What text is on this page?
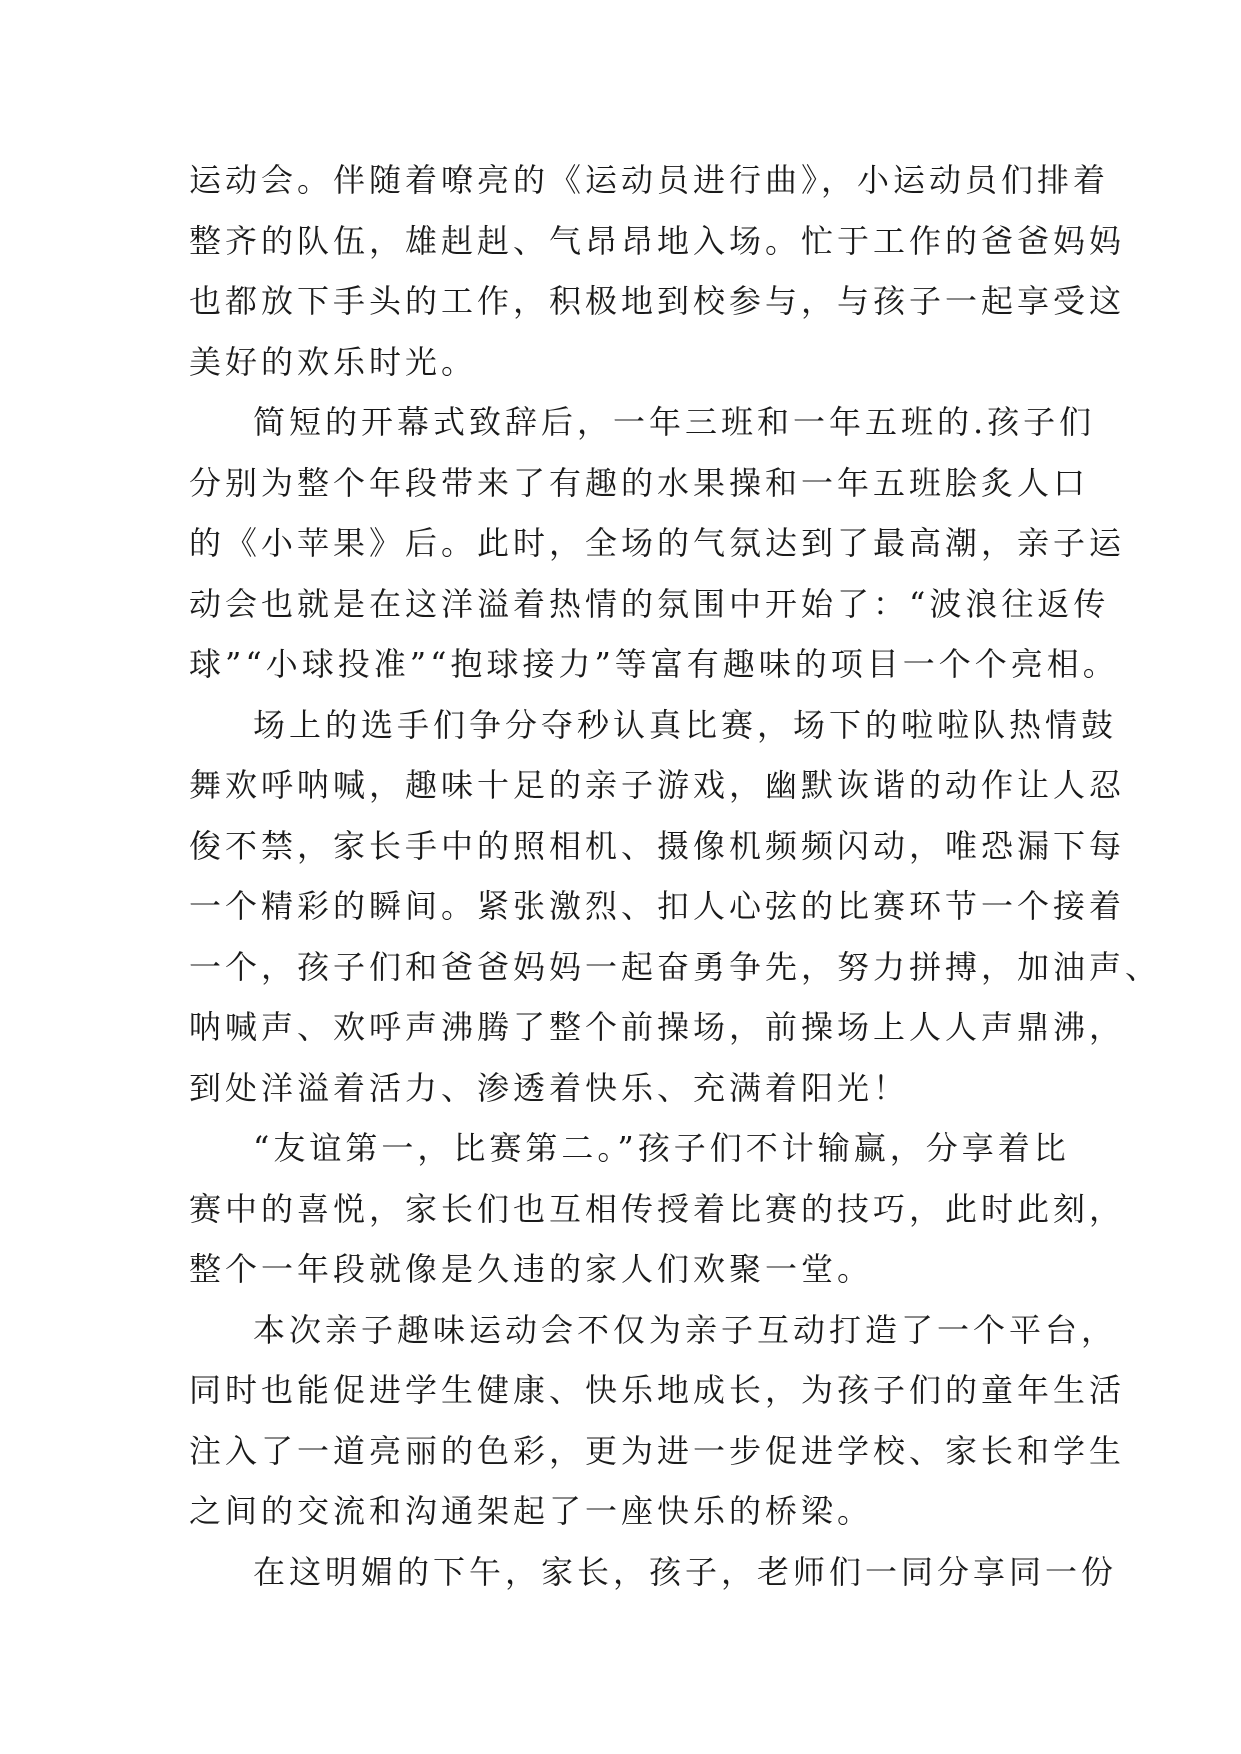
运动会。伴随着嘹亮的《运动员进行曲》，小运动员们排着
整齐的队伍，雄赳赳、气昂昂地入场。忙于工作的爸爸妈妈
也都放下手头的工作，积极地到校参与，与孩子一起享受这
美好的欢乐时光。
简短的开幕式致辞后，一年三班和一年五班的.孩子们
分别为整个年段带来了有趣的水果操和一年五班脍炙人口
的《小苹果》后。此时，全场的气氛达到了最高潮，亲子运
动会也就是在这洋溢着热情的氛围中开始了：“波浪往返传
球”“小球投准”“抱球接力”等富有趣味的项目一个个亮相。
场上的选手们争分夺秒认真比赛，场下的啦啦队热情鼓
舞欢呼呐喊，趣味十足的亲子游戏，幽默诙谐的动作让人忍
俊不禁，家长手中的照相机、摄像机频频闪动，唯恐漏下每
一个精彩的瞬间。紧张激烈、扣人心弦的比赛环节一个接着
一个，孩子们和爸爸妈妈一起奋勇争先，努力拼搏，加油声、
呐喊声、欢呼声沸腾了整个前操场，前操场上人人声鼎沸，
到处洋溢着活力、渗透着快乐、充满着阳光！
“友谊第一，比赛第二。”孩子们不计输赢，分享着比
赛中的喜悦，家长们也互相传授着比赛的技巧，此时此刻，
整个一年段就像是久违的家人们欢聚一堂。
本次亲子趣味运动会不仅为亲子互动打造了一个平台，
同时也能促进学生健康、快乐地成长，为孩子们的童年生活
注入了一道亮丽的色彩，更为进一步促进学校、家长和学生
之间的交流和沟通架起了一座快乐的桥梁。
在这明媚的下午，家长，孩子，老师们一同分享同一份
